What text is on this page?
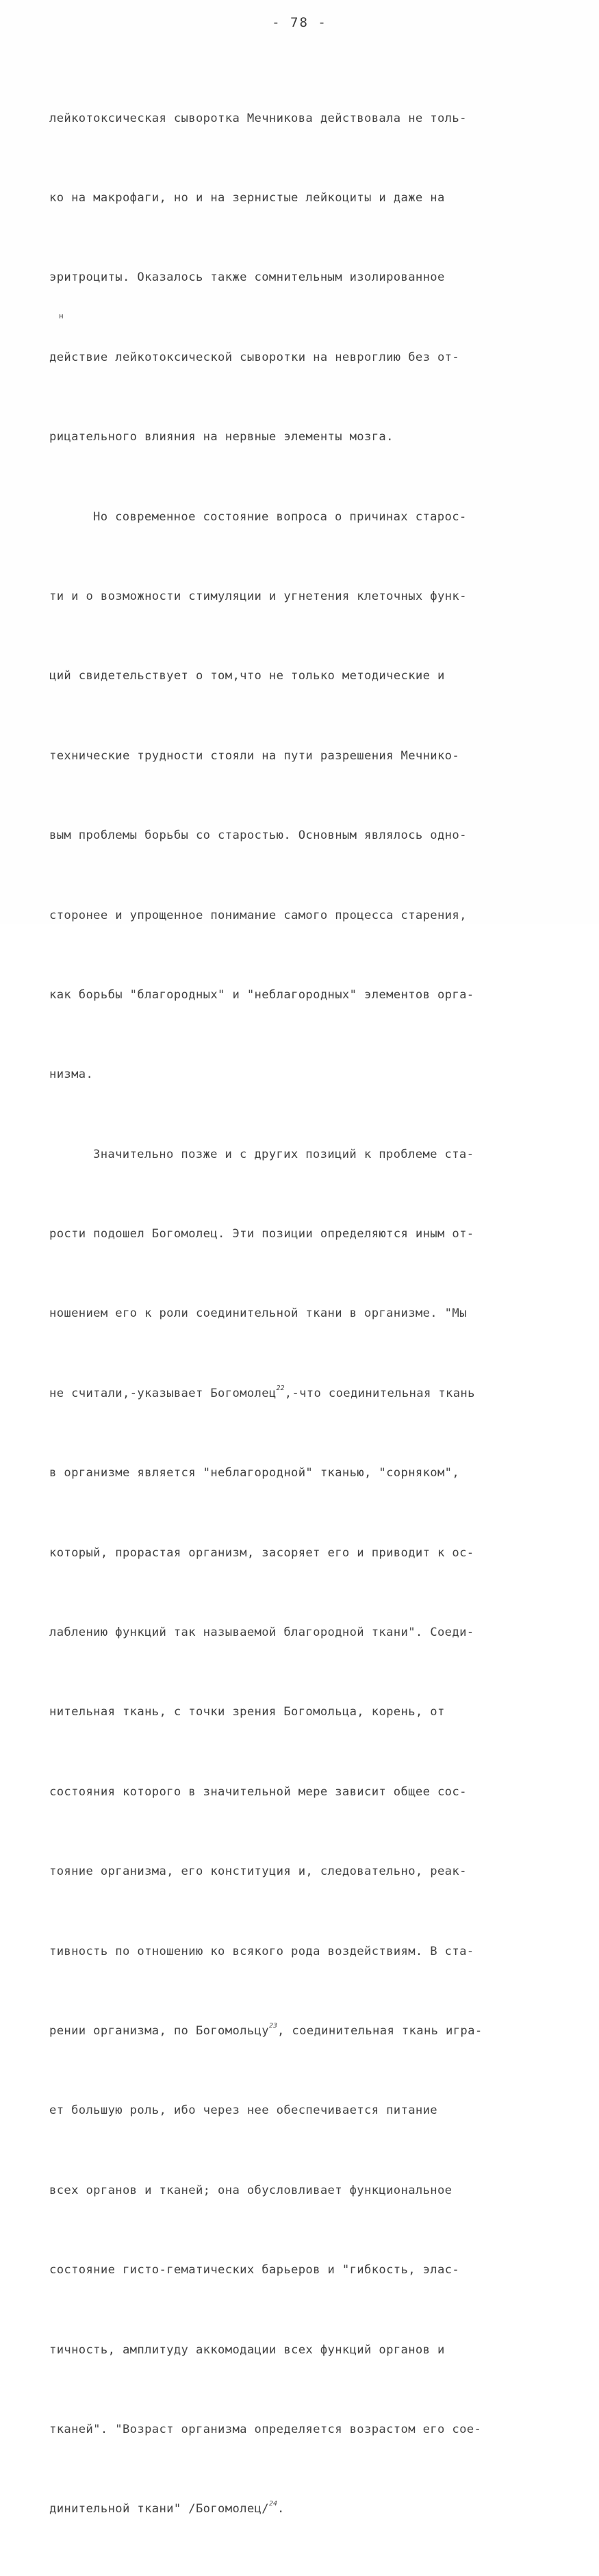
- 78 -
н

лейкотоксическая сыворотка Мечникова действовала не толь-

ко на макрофаги, но и на зернистые лейкоциты и даже на

эритроциты. Оказалось также сомнительным изолированное

действие лейкотоксической сыворотки на невроглию без от-

рицательного влияния на нервные элементы мозга.

Но современное состояние вопроса о причинах старос-

ти и о возможности стимуляции и угнетения клеточных функ-

ций свидетельствует о том,что не только методические и

технические трудности стояли на пути разрешения Мечнико-

вым проблемы борьбы со старостью. Основным являлось одно-

сторонее и упрощенное понимание самого процесса старения,

как борьбы "благородных" и "неблагородных" элементов орга-

низма.

Значительно позже и с других позиций к проблеме ста-

рости подошел Богомолец. Эти позиции определяются иным от-

ношением его к роли соединительной ткани в организме. "Мы

не считали,-указывает Богомолец$^{22}$,-что соединительная ткань

в организме является "неблагородной" тканью, "сорняком",

который, прорастая организм, засоряет его и приводит к ос-

лаблению функций так называемой благородной ткани". Соеди-

нительная ткань, с точки зрения Богомольца, корень, от

состояния которого в значительной мере зависит общее сос-

тояние организма, его конституция и, следовательно, реак-

тивность по отношению ко всякого рода воздействиям. В ста-

рении организма, по Богомольцу$^{23}$, соединительная ткань игра-

ет большую роль, ибо через нее обеспечивается питание

всех органов и тканей; она обусловливает функциональное

состояние гисто-гематических барьеров и "гибкость, элас-

тичность, амплитуду аккомодации всех функций органов и

тканей". "Возраст организма определяется возрастом его сое-

динительной ткани" /Богомолец/$^{24}$.
